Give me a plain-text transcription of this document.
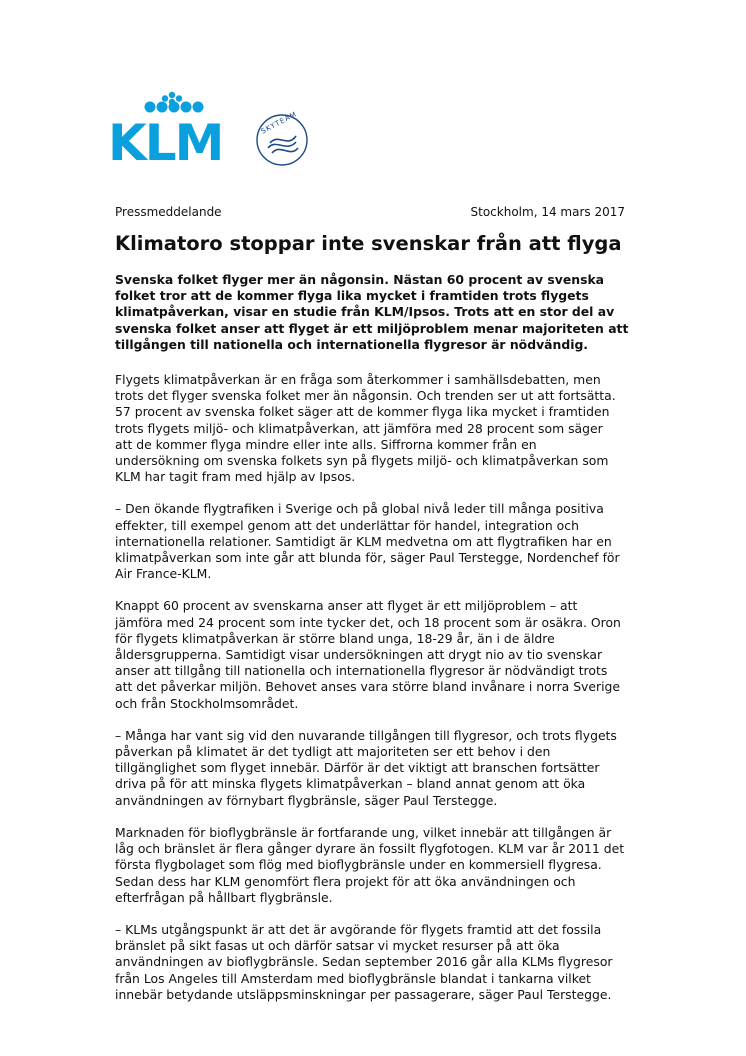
KLM	SKYTEAM
Pressmeddelande	Stockholm, 14 mars 2017
Klimatoro stoppar inte svenskar från att flyga

Svenska folket flyger mer än någonsin. Nästan 60 procent av svenska
folket tror att de kommer flyga lika mycket i framtiden trots flygets
klimatpåverkan, visar en studie från KLM/Ipsos. Trots att en stor del av
svenska folket anser att flyget är ett miljöproblem menar majoriteten att
tillgången till nationella och internationella flygresor är nödvändig.

Flygets klimatpåverkan är en fråga som återkommer i samhällsdebatten, men
trots det flyger svenska folket mer än någonsin. Och trenden ser ut att fortsätta.
57 procent av svenska folket säger att de kommer flyga lika mycket i framtiden
trots flygets miljö- och klimatpåverkan, att jämföra med 28 procent som säger
att de kommer flyga mindre eller inte alls. Siffrorna kommer från en
undersökning om svenska folkets syn på flygets miljö- och klimatpåverkan som
KLM har tagit fram med hjälp av Ipsos.

– Den ökande flygtrafiken i Sverige och på global nivå leder till många positiva
effekter, till exempel genom att det underlättar för handel, integration och
internationella relationer. Samtidigt är KLM medvetna om att flygtrafiken har en
klimatpåverkan som inte går att blunda för, säger Paul Terstegge, Nordenchef för
Air France-KLM.

Knappt 60 procent av svenskarna anser att flyget är ett miljöproblem – att
jämföra med 24 procent som inte tycker det, och 18 procent som är osäkra. Oron
för flygets klimatpåverkan är större bland unga, 18-29 år, än i de äldre
åldersgrupperna. Samtidigt visar undersökningen att drygt nio av tio svenskar
anser att tillgång till nationella och internationella flygresor är nödvändigt trots
att det påverkar miljön. Behovet anses vara större bland invånare i norra Sverige
och från Stockholmsområdet.

– Många har vant sig vid den nuvarande tillgången till flygresor, och trots flygets
påverkan på klimatet är det tydligt att majoriteten ser ett behov i den
tillgänglighet som flyget innebär. Därför är det viktigt att branschen fortsätter
driva på för att minska flygets klimatpåverkan – bland annat genom att öka
användningen av förnybart flygbränsle, säger Paul Terstegge.

Marknaden för bioflygbränsle är fortfarande ung, vilket innebär att tillgången är
låg och bränslet är flera gånger dyrare än fossilt flygfotogen. KLM var år 2011 det
första flygbolaget som flög med bioflygbränsle under en kommersiell flygresa.
Sedan dess har KLM genomfört flera projekt för att öka användningen och
efterfrågan på hållbart flygbränsle.

– KLMs utgångspunkt är att det är avgörande för flygets framtid att det fossila
bränslet på sikt fasas ut och därför satsar vi mycket resurser på att öka
användningen av bioflygbränsle. Sedan september 2016 går alla KLMs flygresor
från Los Angeles till Amsterdam med bioflygbränsle blandat i tankarna vilket
innebär betydande utsläppsminskningar per passagerare, säger Paul Terstegge.
